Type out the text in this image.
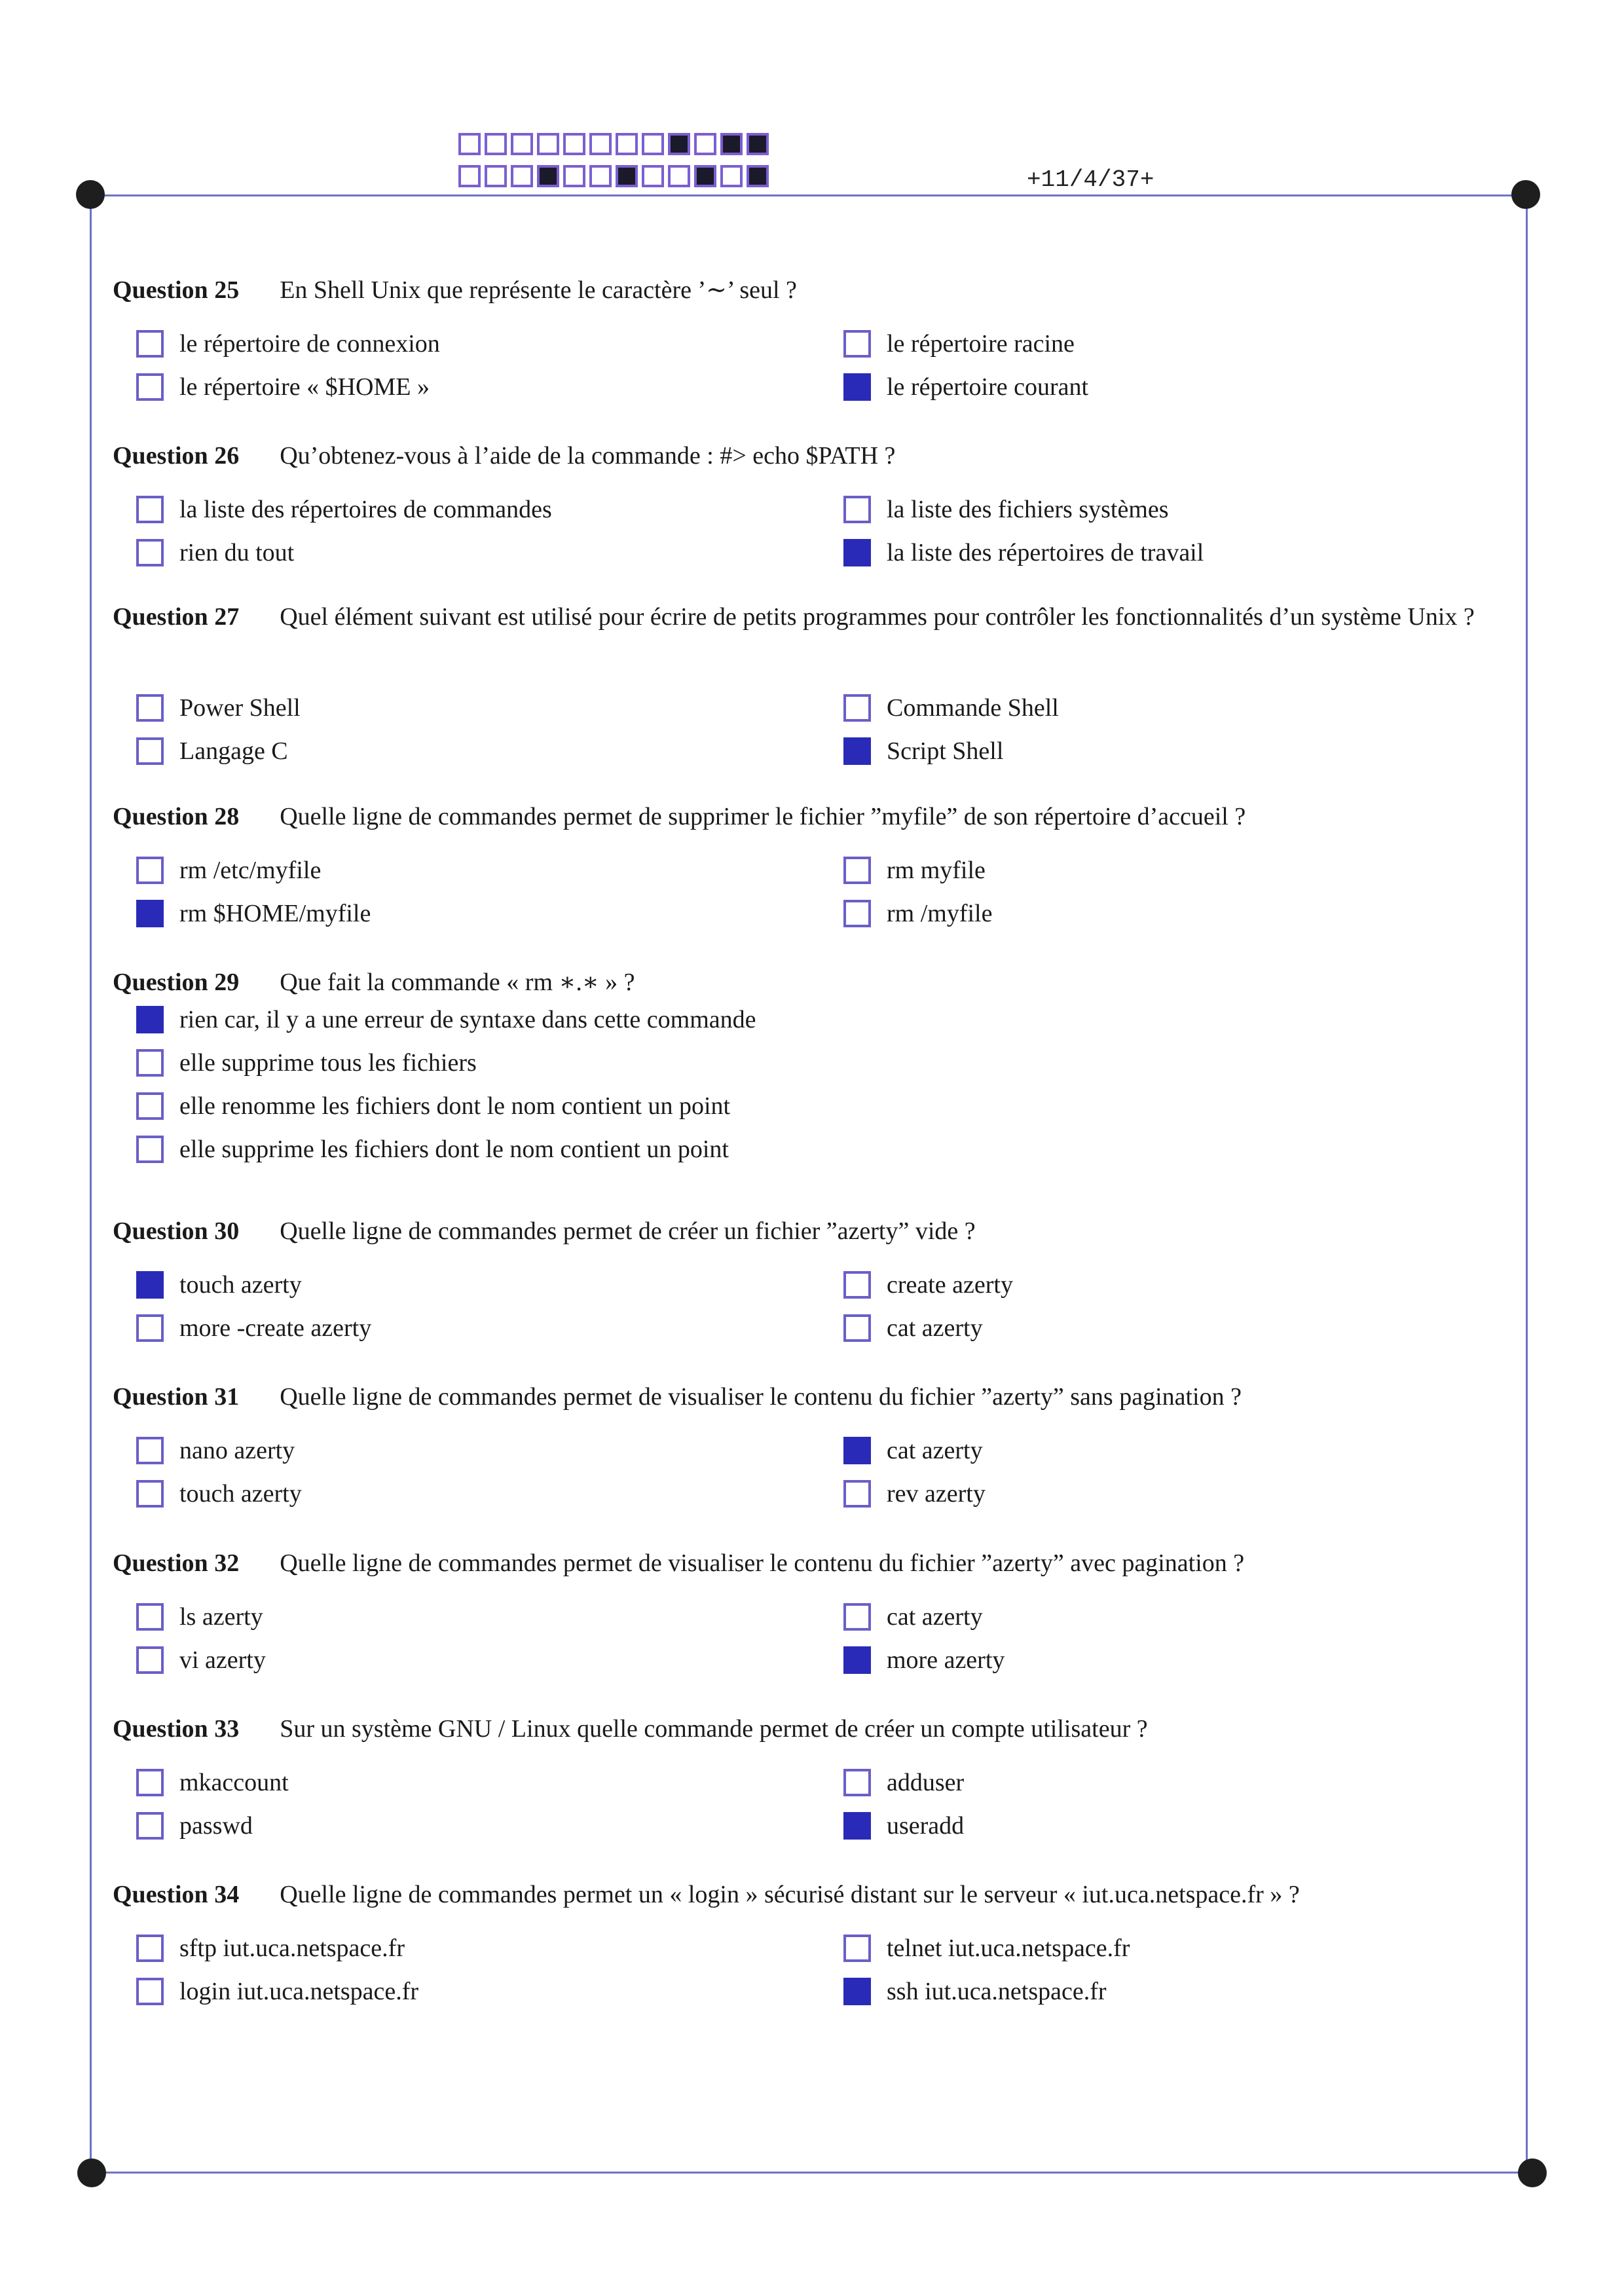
+11/4/37+
Question 25 En Shell Unix que représente le caractère ’∼’ seul ?
le répertoire de connexion	le répertoire racine
le répertoire « $HOME »	le répertoire courant
Question 26 Qu’obtenez-vous à l’aide de la commande : #> echo $PATH ?
la liste des répertoires de commandes	la liste des fichiers systèmes
rien du tout	la liste des répertoires de travail
Question 27 Quel élément suivant est utilisé pour écrire de petits programmes pour contrôler les fonctionnalités d’un système Unix ?
Power Shell	Commande Shell
Langage C	Script Shell
Question 28 Quelle ligne de commandes permet de supprimer le fichier ”myfile” de son répertoire d’accueil ?
rm /etc/myfile	rm myfile
rm $HOME/myfile	rm /myfile
Question 29 Que fait la commande « rm ∗.∗ » ?
rien car, il y a une erreur de syntaxe dans cette commande
elle supprime tous les fichiers
elle renomme les fichiers dont le nom contient un point
elle supprime les fichiers dont le nom contient un point
Question 30 Quelle ligne de commandes permet de créer un fichier ”azerty” vide ?
touch azerty	create azerty
more -create azerty	cat azerty
Question 31 Quelle ligne de commandes permet de visualiser le contenu du fichier ”azerty” sans pagination ?
nano azerty	cat azerty
touch azerty	rev azerty
Question 32 Quelle ligne de commandes permet de visualiser le contenu du fichier ”azerty” avec pagination ?
ls azerty	cat azerty
vi azerty	more azerty
Question 33 Sur un système GNU / Linux quelle commande permet de créer un compte utilisateur ?
mkaccount	adduser
passwd	useradd
Question 34 Quelle ligne de commandes permet un « login » sécurisé distant sur le serveur « iut.uca.netspace.fr » ?
sftp iut.uca.netspace.fr	telnet iut.uca.netspace.fr
login iut.uca.netspace.fr	ssh iut.uca.netspace.fr
